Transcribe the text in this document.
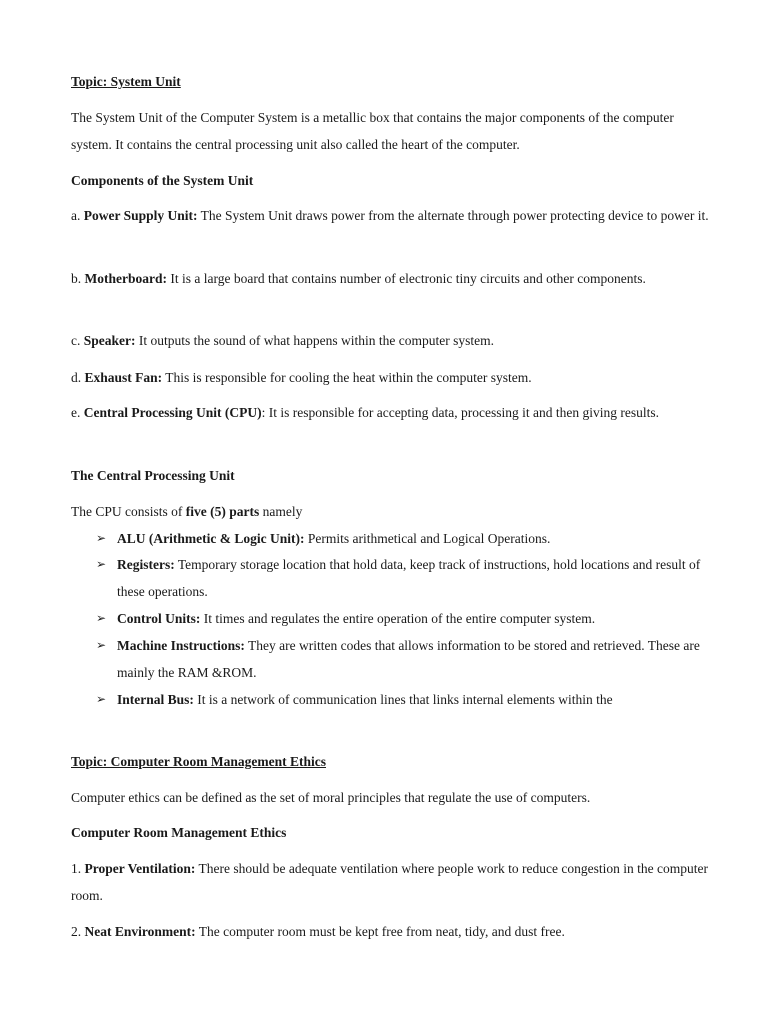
Topic: System Unit

The System Unit of the Computer System is a metallic box that contains the major components of the computer system. It contains the central processing unit also called the heart of the computer.

Components of the System Unit

a. Power Supply Unit: The System Unit draws power from the alternate through power protecting device to power it.

b. Motherboard: It is a large board that contains number of electronic tiny circuits and other components.

c. Speaker: It outputs the sound of what happens within the computer system.

d. Exhaust Fan: This is responsible for cooling the heat within the computer system.

e. Central Processing Unit (CPU): It is responsible for accepting data, processing it and then giving results.

The Central Processing Unit

The CPU consists of five (5) parts namely

➢ ALU (Arithmetic & Logic Unit): Permits arithmetical and Logical Operations.
➢ Registers: Temporary storage location that hold data, keep track of instructions, hold locations and result of these operations.
➢ Control Units: It times and regulates the entire operation of the entire computer system.
➢ Machine Instructions: They are written codes that allows information to be stored and retrieved. These are mainly the RAM &ROM.
➢ Internal Bus: It is a network of communication lines that links internal elements within the

Topic: Computer Room Management Ethics

Computer ethics can be defined as the set of moral principles that regulate the use of computers.

Computer Room Management Ethics

1. Proper Ventilation: There should be adequate ventilation where people work to reduce congestion in the computer room.

2. Neat Environment: The computer room must be kept free from neat, tidy, and dust free.
